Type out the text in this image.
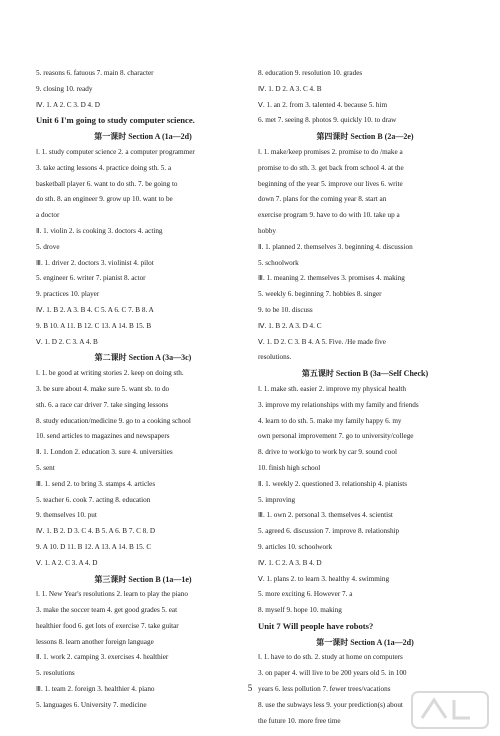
5. reasons 6. fatuous 7. main 8. character
9. closing 10. ready
Ⅳ. 1. A 2. C 3. D 4. D
Unit 6 I'm going to study computer science.
第一课时 Section A (1a—2d)
Ⅰ. 1. study computer science 2. a computer programmer
3. take acting lessons 4. practice doing sth. 5. a
basketball player 6. want to do sth. 7. be going to
do sth. 8. an engineer 9. grow up 10. want to be
a doctor
Ⅱ. 1. violin 2. is cooking 3. doctors 4. acting
5. drove
Ⅲ. 1. driver 2. doctors 3. violinist 4. pilot
5. engineer 6. writer 7. pianist 8. actor
9. practices 10. player
Ⅳ. 1. B 2. A 3. B 4. C 5. A 6. C 7. B 8. A
9. B 10. A 11. B 12. C 13. A 14. B 15. B
Ⅴ. 1. D 2. C 3. A 4. B
第二课时 Section A (3a—3c)
Ⅰ. 1. be good at writing stories 2. keep on doing sth.
3. be sure about 4. make sure 5. want sb. to do
sth. 6. a race car driver 7. take singing lessons
8. study education/medicine 9. go to a cooking school
10. send articles to magazines and newspapers
Ⅱ. 1. London 2. education 3. sure 4. universities
5. sent
Ⅲ. 1. send 2. to bring 3. stamps 4. articles
5. teacher 6. cook 7. acting 8. education
9. themselves 10. put
Ⅳ. 1. B 2. D 3. C 4. B 5. A 6. B 7. C 8. D
9. A 10. D 11. B 12. A 13. A 14. B 15. C
Ⅴ. 1. A 2. C 3. A 4. D
第三课时 Section B (1a—1e)
Ⅰ. 1. New Year's resolutions 2. learn to play the piano
3. make the soccer team 4. get good grades 5. eat
healthier food 6. get lots of exercise 7. take guitar
lessons 8. learn another foreign language
Ⅱ. 1. work 2. camping 3. exercises 4. healthier
5. resolutions
Ⅲ. 1. team 2. foreign 3. healthier 4. piano
5. languages 6. University 7. medicine
8. education 9. resolution 10. grades
Ⅳ. 1. D 2. A 3. C 4. B
Ⅴ. 1. an 2. from 3. talented 4. because 5. him
6. met 7. seeing 8. photos 9. quickly 10. to draw
第四课时 Section B (2a—2e)
Ⅰ. 1. make/keep promises 2. promise to do /make a
promise to do sth. 3. get back from school 4. at the
beginning of the year 5. improve our lives 6. write
down 7. plans for the coming year 8. start an
exercise program 9. have to do with 10. take up a
hobby
Ⅱ. 1. planned 2. themselves 3. beginning 4. discussion
5. schoolwork
Ⅲ. 1. meaning 2. themselves 3. promises 4. making
5. weekly 6. beginning 7. hobbies 8. singer
9. to be 10. discuss
Ⅳ. 1. B 2. A 3. D 4. C
Ⅴ. 1. D 2. C 3. B 4. A 5. Five. /He made five
resolutions.
第五课时 Section B (3a—Self Check)
Ⅰ. 1. make sth. easier 2. improve my physical health
3. improve my relationships with my family and friends
4. learn to do sth. 5. make my family happy 6. my
own personal improvement 7. go to university/college
8. drive to work/go to work by car 9. sound cool
10. finish high school
Ⅱ. 1. weekly 2. questioned 3. relationship 4. pianists
5. improving
Ⅲ. 1. own 2. personal 3. themselves 4. scientist
5. agreed 6. discussion 7. improve 8. relationship
9. articles 10. schoolwork
Ⅳ. 1. C 2. A 3. B 4. D
Ⅴ. 1. plans 2. to learn 3. healthy 4. swimming
5. more exciting 6. However 7. a
8. myself 9. hope 10. making
Unit 7 Will people have robots?
第一课时 Section A (1a—2d)
Ⅰ. 1. have to do sth. 2. study at home on computers
3. on paper 4. will live to be 200 years old 5. in 100
years 6. less pollution 7. fewer trees/vacations
8. use the subways less 9. your prediction(s) about
the future 10. more free time
5
